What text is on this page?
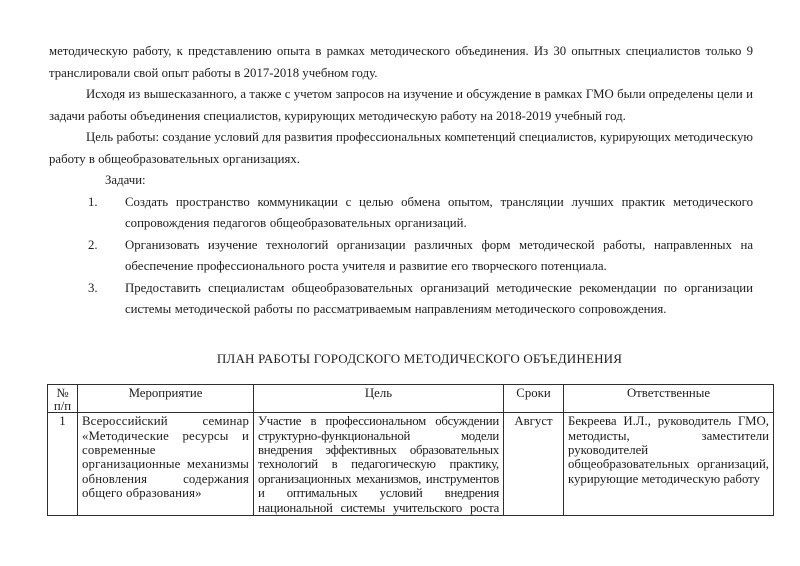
методическую работу, к представлению опыта в рамках методического объединения. Из 30 опытных специалистов только 9 транслировали свой опыт работы в 2017-2018 учебном году.

Исходя из вышесказанного, а также с учетом запросов на изучение и обсуждение в рамках ГМО были определены цели и задачи работы объединения специалистов, курирующих методическую работу на 2018-2019 учебный год.

Цель работы: создание условий для развития профессиональных компетенций специалистов, курирующих методическую работу в общеобразовательных организациях.

Задачи:

1. Создать пространство коммуникации с целью обмена опытом, трансляции лучших практик методического сопровождения педагогов общеобразовательных организаций.
2. Организовать изучение технологий организации различных форм методической работы, направленных на обеспечение профессионального роста учителя и развитие его творческого потенциала.
3. Предоставить специалистам общеобразовательных организаций методические рекомендации по организации системы методической работы по рассматриваемым направлениям методического сопровождения.

ПЛАН РАБОТЫ ГОРОДСКОГО МЕТОДИЧЕСКОГО ОБЪЕДИНЕНИЯ

№ п/п	Мероприятие	Цель	Сроки	Ответственные
1	Всероссийский семинар «Методические ресурсы и современные организационные механизмы обновления содержания общего образования»	Участие в профессиональном обсуждении структурно-функциональной модели внедрения эффективных образовательных технологий в педагогическую практику, организационных механизмов, инструментов и оптимальных условий внедрения национальной системы учительского роста	Август	Бекреева И.Л., руководитель ГМО, методисты, заместители руководителей общеобразовательных организаций, курирующие методическую работу
